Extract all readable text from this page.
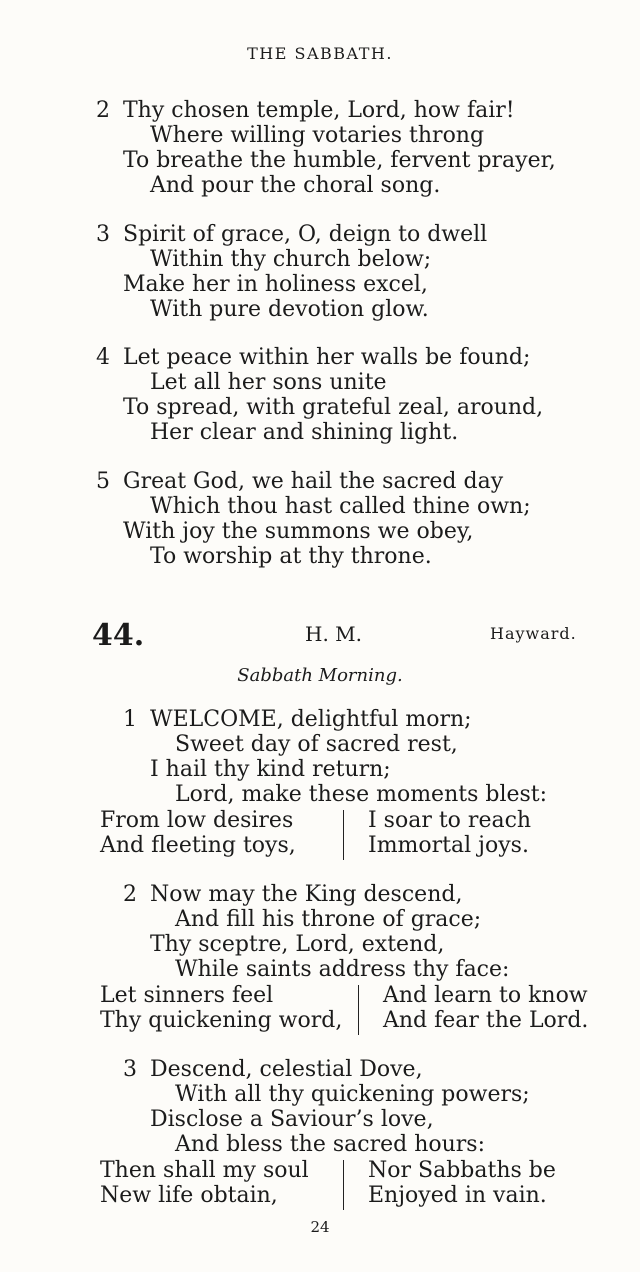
THE SABBATH.
2 Thy chosen temple, Lord, how fair!
Where willing votaries throng
To breathe the humble, fervent prayer,
And pour the choral song.
3 Spirit of grace, O, deign to dwell
Within thy church below;
Make her in holiness excel,
With pure devotion glow.
4 Let peace within her walls be found;
Let all her sons unite
To spread, with grateful zeal, around,
Her clear and shining light.
5 Great God, we hail the sacred day
Which thou hast called thine own;
With joy the summons we obey,
To worship at thy throne.
44.	H. M.	Hayward.
Sabbath Morning.
1 WELCOME, delightful morn;
Sweet day of sacred rest,
I hail thy kind return;
Lord, make these moments blest:
From low desires
And fleeting toys,
I soar to reach
Immortal joys.
2 Now may the King descend,
And fill his throne of grace;
Thy sceptre, Lord, extend,
While saints address thy face:
Let sinners feel
Thy quickening word,
And learn to know
And fear the Lord.
3 Descend, celestial Dove,
With all thy quickening powers;
Disclose a Saviour’s love,
And bless the sacred hours:
Then shall my soul
New life obtain,
Nor Sabbaths be
Enjoyed in vain.
24
